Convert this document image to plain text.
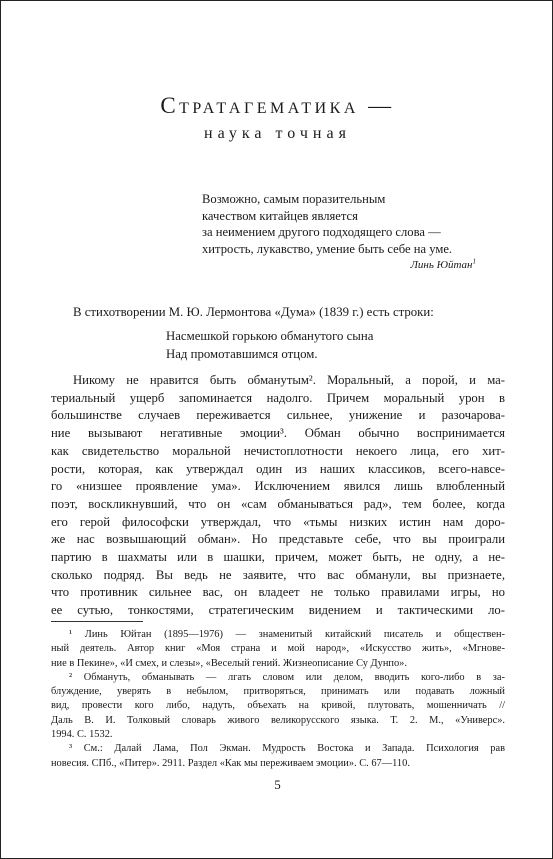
Стратагематика —
наука точная
Возможно, самым поразительным
качеством китайцев является
за неимением другого подходящего слова —
хитрость, лукавство, умение быть себе на уме.
Линь Юйтан$^1$
В стихотворении М. Ю. Лермонтова «Дума» (1839 г.) есть строки:
Насмешкой горькою обманутого сына
Над промотавшимся отцом.
Никому не нравится быть обманутым². Моральный, а порой, и ма-
териальный ущерб запоминается надолго. Причем моральный урон в
большинстве случаев переживается сильнее, унижение и разочарова-
ние вызывают негативные эмоции³. Обман обычно воспринимается
как свидетельство моральной нечистоплотности некоего лица, его хит-
рости, которая, как утверждал один из наших классиков, всего-навсе-
го «низшее проявление ума». Исключением явился лишь влюбленный
поэт, воскликнувший, что он «сам обманываться рад», тем более, когда
его герой философски утверждал, что «тьмы низких истин нам доро-
же нас возвышающий обман». Но представьте себе, что вы проиграли
партию в шахматы или в шашки, причем, может быть, не одну, а не-
сколько подряд. Вы ведь не заявите, что вас обманули, вы признаете,
что противник сильнее вас, он владеет не только правилами игры, но
ее сутью, тонкостями, стратегическим видением и тактическими ло-
¹ Линь Юйтан (1895—1976) — знаменитый китайский писатель и обществен-
ный деятель. Автор книг «Моя страна и мой народ», «Искусство жить», «Мгнове-
ние в Пекине», «И смех, и слезы», «Веселый гений. Жизнеописание Су Дунпо».
² Обмануть, обманывать — лгать словом или делом, вводить кого-либо в за-
блуждение, уверять в небылом, притворяться, принимать или подавать ложный
вид, провести кого либо, надуть, объехать на кривой, плутовать, мошенничать //
Даль В. И. Толковый словарь живого великорусского языка. Т. 2. М., «Универс».
1994. С. 1532.
³ См.: Далай Лама, Пол Экман. Мудрость Востока и Запада. Психология рав
новесия. СПб., «Питер». 2911. Раздел «Как мы переживаем эмоции». С. 67—110.
5
